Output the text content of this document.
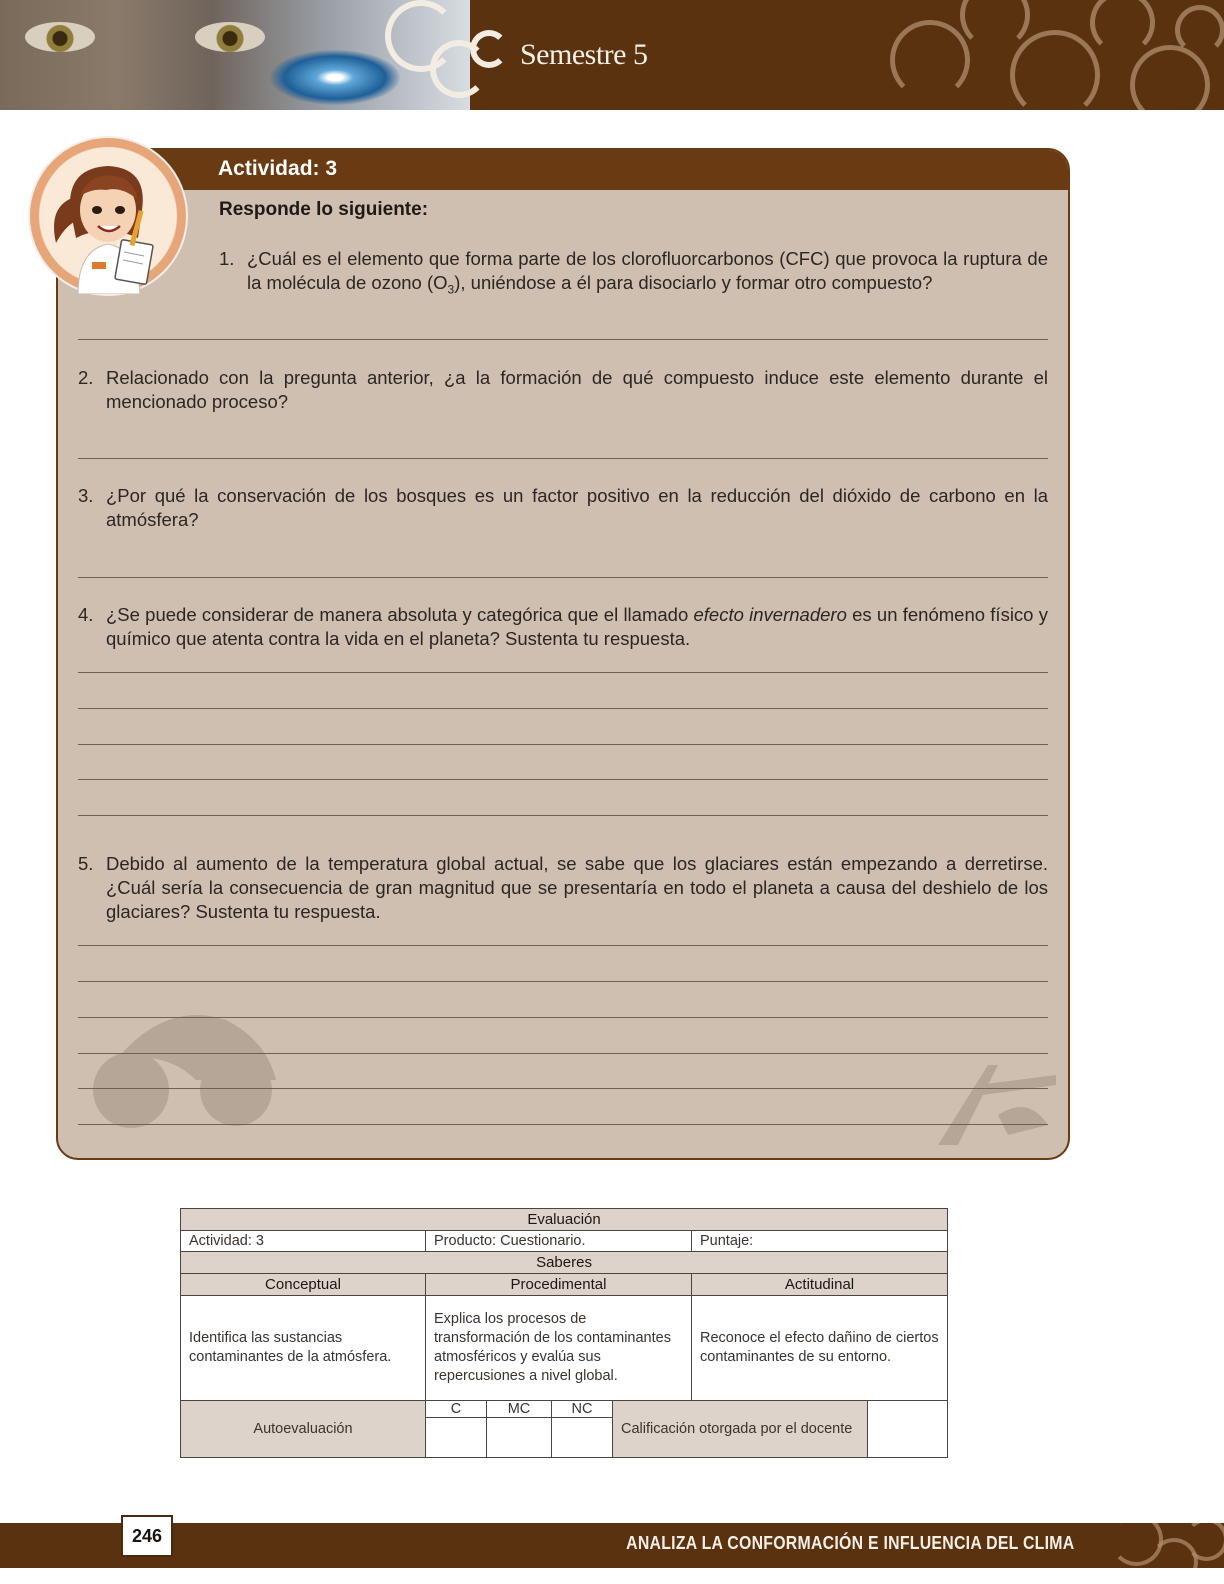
Semestre 5
Actividad: 3
Responde lo siguiente:
1. ¿Cuál es el elemento que forma parte de los clorofluorcarbonos (CFC) que provoca la ruptura de la molécula de ozono $(O_3)$, uniéndose a él para disociarlo y formar otro compuesto?
2. Relacionado con la pregunta anterior, ¿a la formación de qué compuesto induce este elemento durante el mencionado proceso?
3. ¿Por qué la conservación de los bosques es un factor positivo en la reducción del dióxido de carbono en la atmósfera?
4. ¿Se puede considerar de manera absoluta y categórica que el llamado efecto invernadero es un fenómeno físico y químico que atenta contra la vida en el planeta? Sustenta tu respuesta.
5. Debido al aumento de la temperatura global actual, se sabe que los glaciares están empezando a derretirse. ¿Cuál sería la consecuencia de gran magnitud que se presentaría en todo el planeta a causa del deshielo de los glaciares? Sustenta tu respuesta.
Evaluación						
Actividad: 3	Producto: Cuestionario.				Puntaje:	
Saberes						
Conceptual	Procedimental				Actitudinal	
Identifica las sustancias contaminantes de la atmósfera.	Explica los procesos de transformación de los contaminantes atmosféricos y evalúa sus repercusiones a nivel global.				Reconoce el efecto dañino de ciertos contaminantes de su entorno.	
Autoevaluación	C	MC	NC	Calificación otorgada por el docente		

ANALIZA LA CONFORMACIÓN E INFLUENCIA DEL CLIMA
246
